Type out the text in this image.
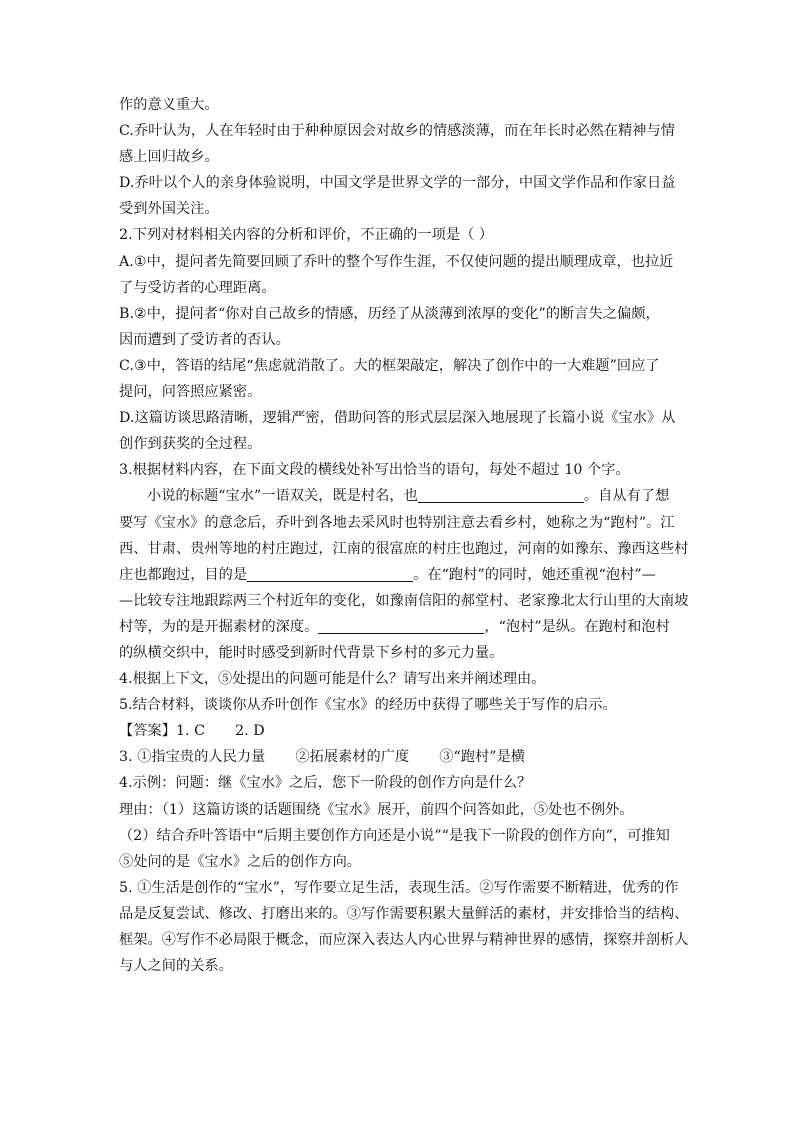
作的意义重大。
C.乔叶认为，人在年轻时由于种种原因会对故乡的情感淡薄，而在年长时必然在精神与情
感上回归故乡。
D.乔叶以个人的亲身体验说明，中国文学是世界文学的一部分，中国文学作品和作家日益
受到外国关注。
2.下列对材料相关内容的分析和评价，不正确的一项是（ ）
A.①中，提问者先简要回顾了乔叶的整个写作生涯，不仅使问题的提出顺理成章，也拉近
了与受访者的心理距离。
B.②中，提问者“你对自己故乡的情感，历经了从淡薄到浓厚的变化”的断言失之偏颇，
因而遭到了受访者的否认。
C.③中，答语的结尾“焦虑就消散了。大的框架敲定，解决了创作中的一大难题”回应了
提问，问答照应紧密。
D.这篇访谈思路清晰，逻辑严密，借助问答的形式层层深入地展现了长篇小说《宝水》从
创作到获奖的全过程。
3.根据材料内容，在下面文段的横线处补写出恰当的语句，每处不超过 10 个字。
小说的标题“宝水”一语双关，既是村名，也	。自从有了想
要写《宝水》的意念后，乔叶到各地去采风时也特别注意去看乡村，她称之为“跑村”。江
西、甘肃、贵州等地的村庄跑过，江南的很富庶的村庄也跑过，河南的如豫东、豫西这些村
庄也都跑过，目的是	。在“跑村”的同时，她还重视“泡村”—
—比较专注地跟踪两三个村近年的变化，如豫南信阳的郝堂村、老家豫北太行山里的大南坡
村等，为的是开掘素材的深度。	，“泡村”是纵。在跑村和泡村
的纵横交织中，能时时感受到新时代背景下乡村的多元力量。
4.根据上下文，⑤处提出的问题可能是什么？请写出来并阐述理由。
5.结合材料，谈谈你从乔叶创作《宝水》的经历中获得了哪些关于写作的启示。
【答案】1. C 2. D
3. ①指宝贵的人民力量 ②拓展素材的广度 ③“跑村”是横
4.示例：问题：继《宝水》之后，您下一阶段的创作方向是什么？
理由：（1）这篇访谈的话题围绕《宝水》展开，前四个问答如此，⑤处也不例外。
（2）结合乔叶答语中“后期主要创作方向还是小说”“是我下一阶段的创作方向”，可推知
⑤处问的是《宝水》之后的创作方向。
5. ①生活是创作的“宝水”，写作要立足生活，表现生活。②写作需要不断精进，优秀的作
品是反复尝试、修改、打磨出来的。③写作需要积累大量鲜活的素材，并安排恰当的结构、
框架。④写作不必局限于概念，而应深入表达人内心世界与精神世界的感情，探察并剖析人
与人之间的关系。
